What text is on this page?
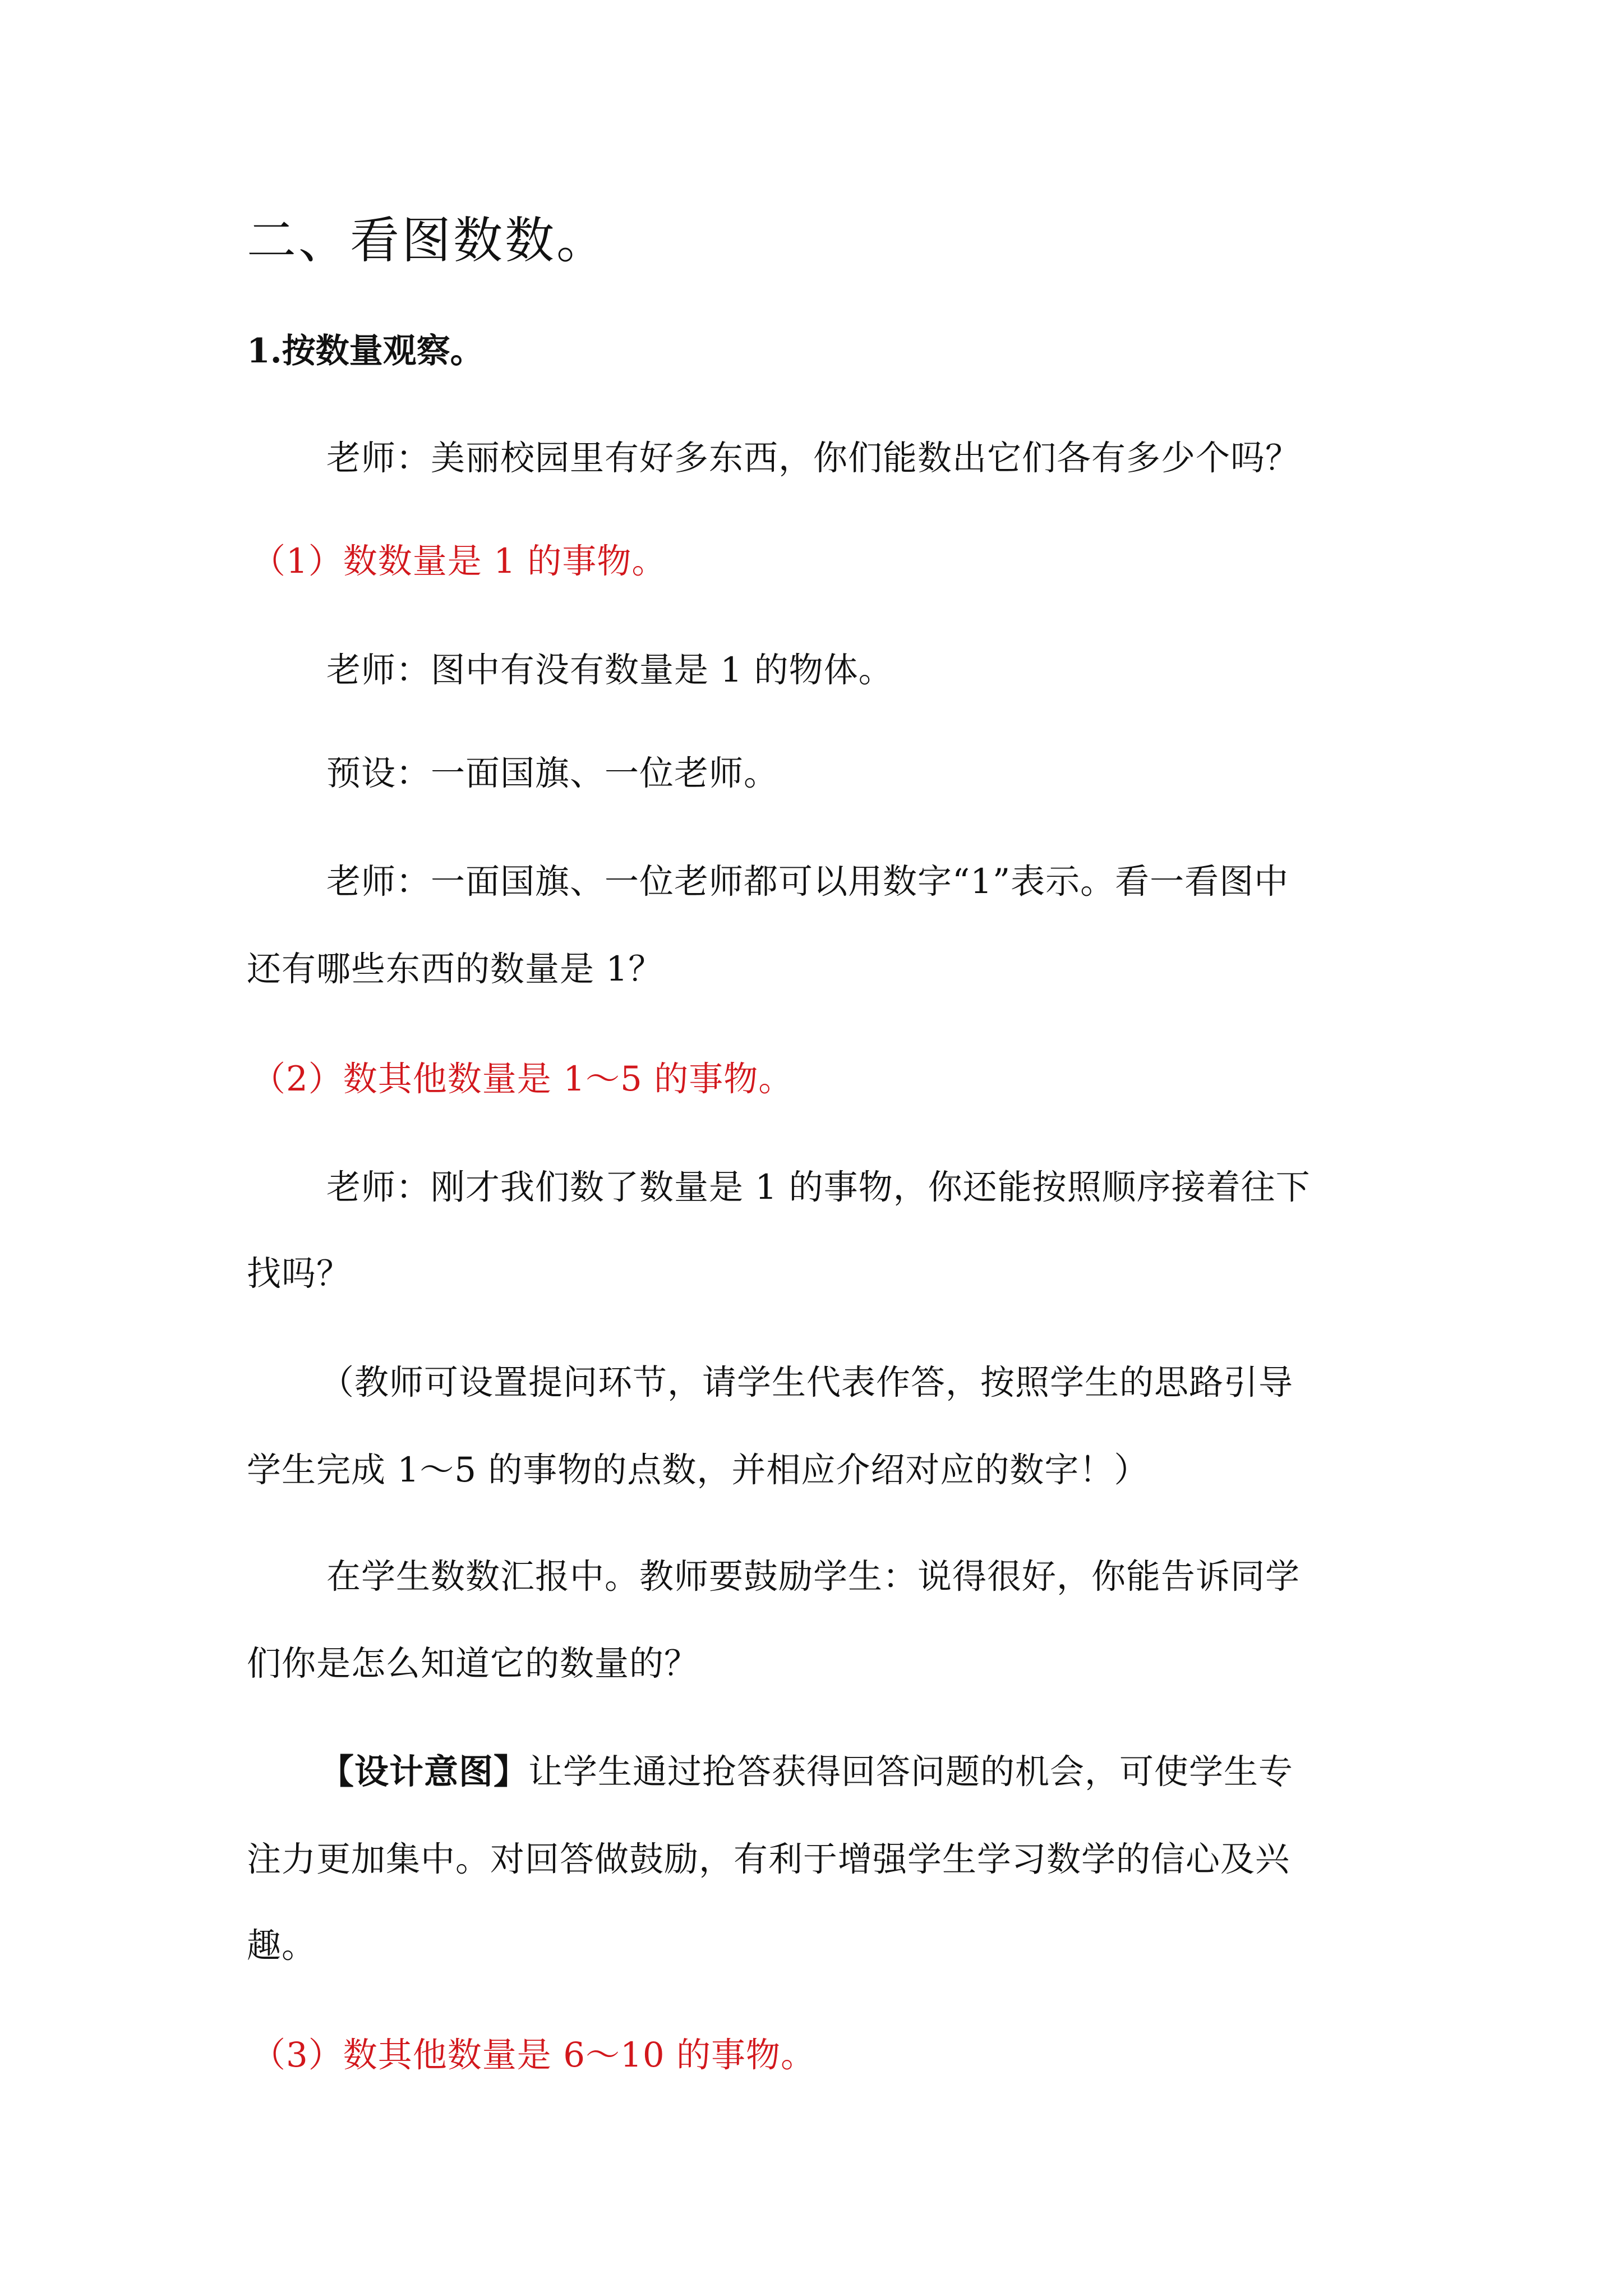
二、看图数数。
1.按数量观察。
老师：美丽校园里有好多东西，你们能数出它们各有多少个吗？
（1）数数量是 1 的事物。
老师：图中有没有数量是 1 的物体。
预设：一面国旗、一位老师。
老师：一面国旗、一位老师都可以用数字“1”表示。看一看图中
还有哪些东西的数量是 1？
（2）数其他数量是 1～5 的事物。
老师：刚才我们数了数量是 1 的事物，你还能按照顺序接着往下
找吗？
（教师可设置提问环节，请学生代表作答，按照学生的思路引导
学生完成 1～5 的事物的点数，并相应介绍对应的数字！）
在学生数数汇报中。教师要鼓励学生：说得很好，你能告诉同学
们你是怎么知道它的数量的？
【设计意图】让学生通过抢答获得回答问题的机会，可使学生专
注力更加集中。对回答做鼓励，有利于增强学生学习数学的信心及兴
趣。
（3）数其他数量是 6～10 的事物。
